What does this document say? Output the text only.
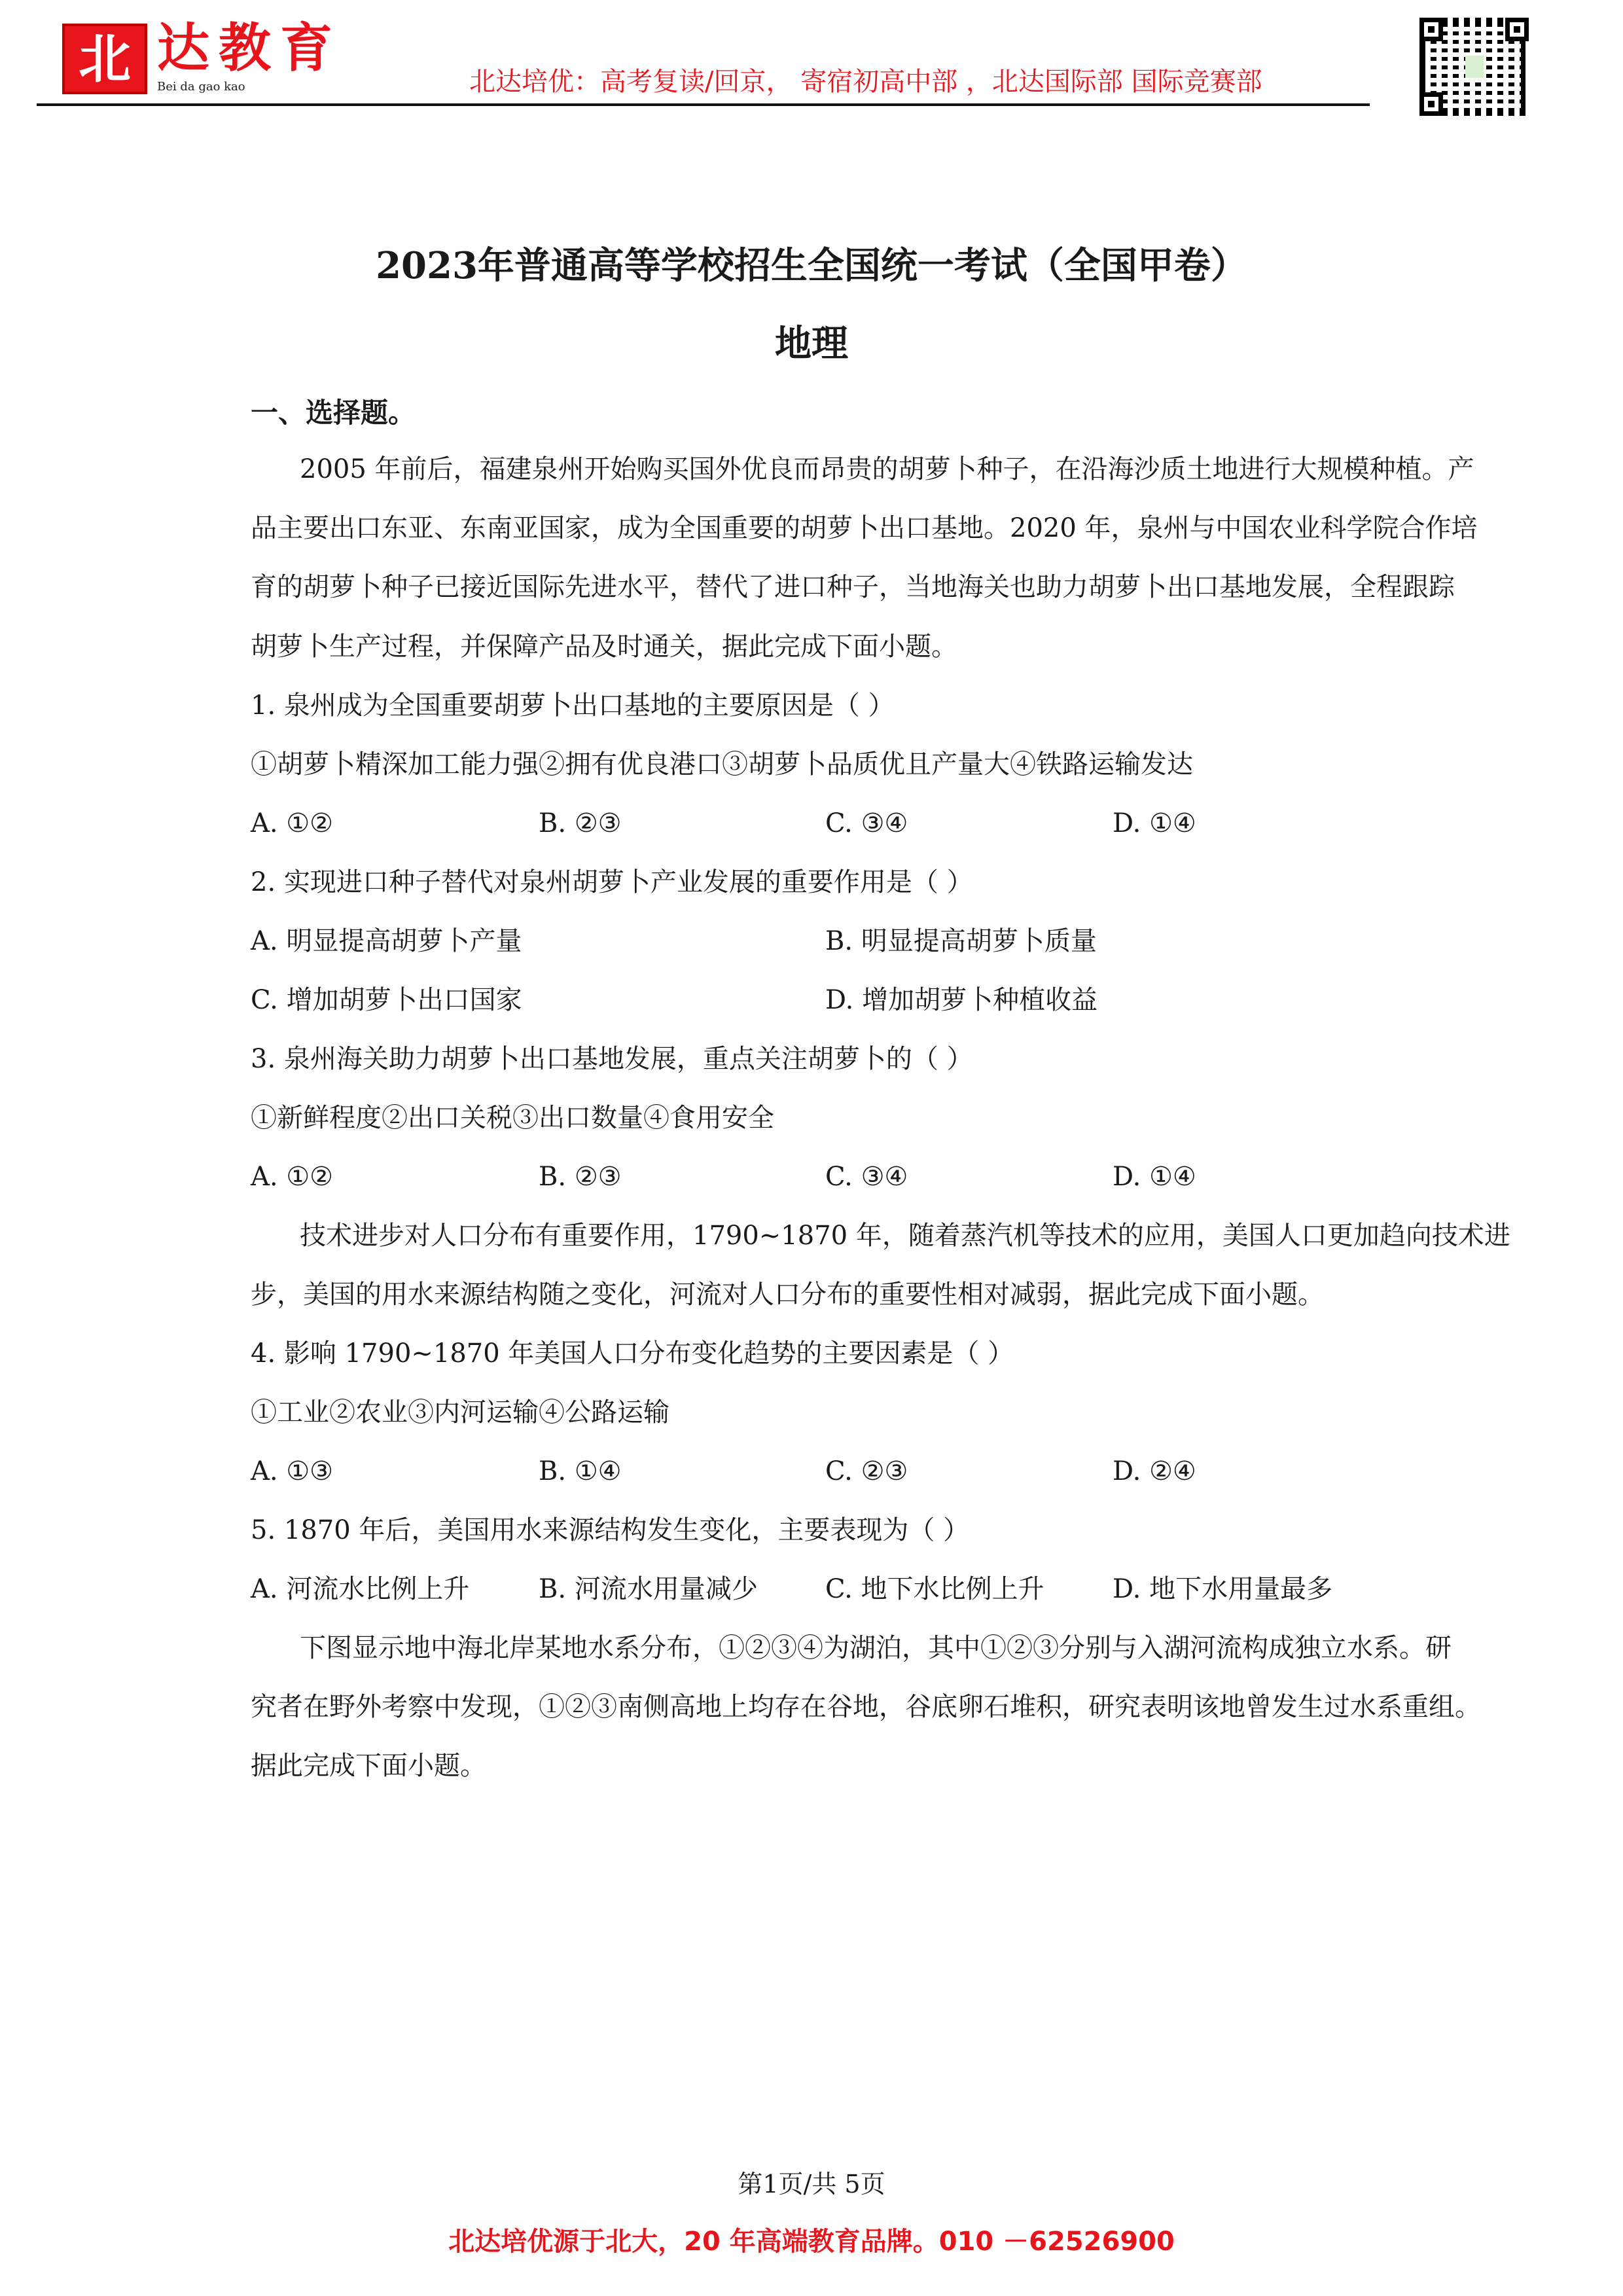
北 达教育
Bei da gao kao	北达培优：高考复读/回京， 寄宿初高中部 ，北达国际部 国际竞赛部
2023年普通高等学校招生全国统一考试（全国甲卷）
地理
一、选择题。
2005 年前后，福建泉州开始购买国外优良而昂贵的胡萝卜种子，在沿海沙质土地进行大规模种植。产
品主要出口东亚、东南亚国家，成为全国重要的胡萝卜出口基地。2020 年，泉州与中国农业科学院合作培
育的胡萝卜种子已接近国际先进水平，替代了进口种子，当地海关也助力胡萝卜出口基地发展，全程跟踪
胡萝卜生产过程，并保障产品及时通关，据此完成下面小题。
1. 泉州成为全国重要胡萝卜出口基地的主要原因是（ ）
①胡萝卜精深加工能力强②拥有优良港口③胡萝卜品质优且产量大④铁路运输发达
A. ①②	B. ②③	C. ③④	D. ①④
2. 实现进口种子替代对泉州胡萝卜产业发展的重要作用是（ ）
A. 明显提高胡萝卜产量	B. 明显提高胡萝卜质量
C. 增加胡萝卜出口国家	D. 增加胡萝卜种植收益
3. 泉州海关助力胡萝卜出口基地发展，重点关注胡萝卜的（ ）
①新鲜程度②出口关税③出口数量④食用安全
A. ①②	B. ②③	C. ③④	D. ①④
技术进步对人口分布有重要作用，1790~1870 年，随着蒸汽机等技术的应用，美国人口更加趋向技术进
步，美国的用水来源结构随之变化，河流对人口分布的重要性相对减弱，据此完成下面小题。
4. 影响 1790~1870 年美国人口分布变化趋势的主要因素是（ ）
①工业②农业③内河运输④公路运输
A. ①③	B. ①④	C. ②③	D. ②④
5. 1870 年后，美国用水来源结构发生变化，主要表现为（ ）
A. 河流水比例上升	B. 河流水用量减少	C. 地下水比例上升	D. 地下水用量最多
下图显示地中海北岸某地水系分布，①②③④为湖泊，其中①②③分别与入湖河流构成独立水系。研
究者在野外考察中发现，①②③南侧高地上均存在谷地，谷底卵石堆积，研究表明该地曾发生过水系重组。
据此完成下面小题。
第1页/共 5页
北达培优源于北大，20 年高端教育品牌。010 －62526900
